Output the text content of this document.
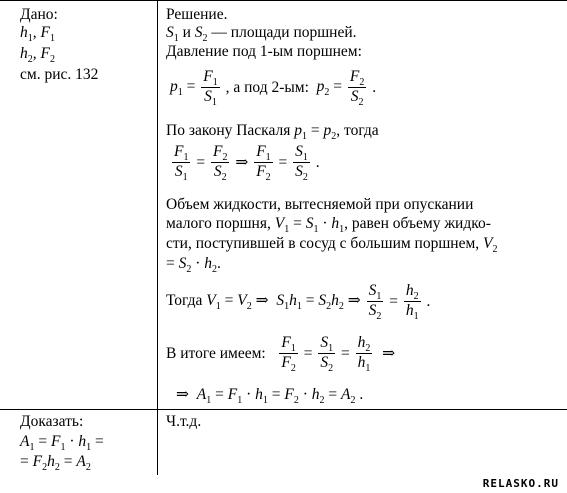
Дано:
$h_1$, $F_1$
$h_2$, $F_2$
см. рис. 132
Решение.
$S_1$ и $S_2$ — площади поршней.
Давление под 1-ым поршнем:
$p_1 = \frac{F_1}{S_1}$ , а под 2-ым: $p_2 = \frac{F_2}{S_2}$ .
По закону Паскаля $p_1 = p_2$, тогда
$\frac{F_1}{S_1} = \frac{F_2}{S_2}$ ⇒ $\frac{F_1}{F_2} = \frac{S_1}{S_2}$ .
Объем жидкости, вытесняемой при опускании
малого поршня, $V_1 = S_1 \cdot h_1$, равен объему жидко-
сти, поступившей в сосуд с большим поршнем, $V_2$
= $S_2 \cdot h_2$.
Тогда $V_1 = V_2$ ⇒  $S_1h_1 = S_2h_2$ ⇒ $\frac{S_1}{S_2} = \frac{h_2}{h_1}$ .
В итоге имеем: $\frac{F_1}{F_2} = \frac{S_1}{S_2} = \frac{h_2}{h_1}$ ⇒
⇒  $A_1 = F_1 \cdot h_1 = F_2 \cdot h_2 = A_2$ .
Доказать:
$A_1 = F_1 \cdot h_1$ =
= $F_2h_2 = A_2$
Ч.т.д.
RELASKO.RU
